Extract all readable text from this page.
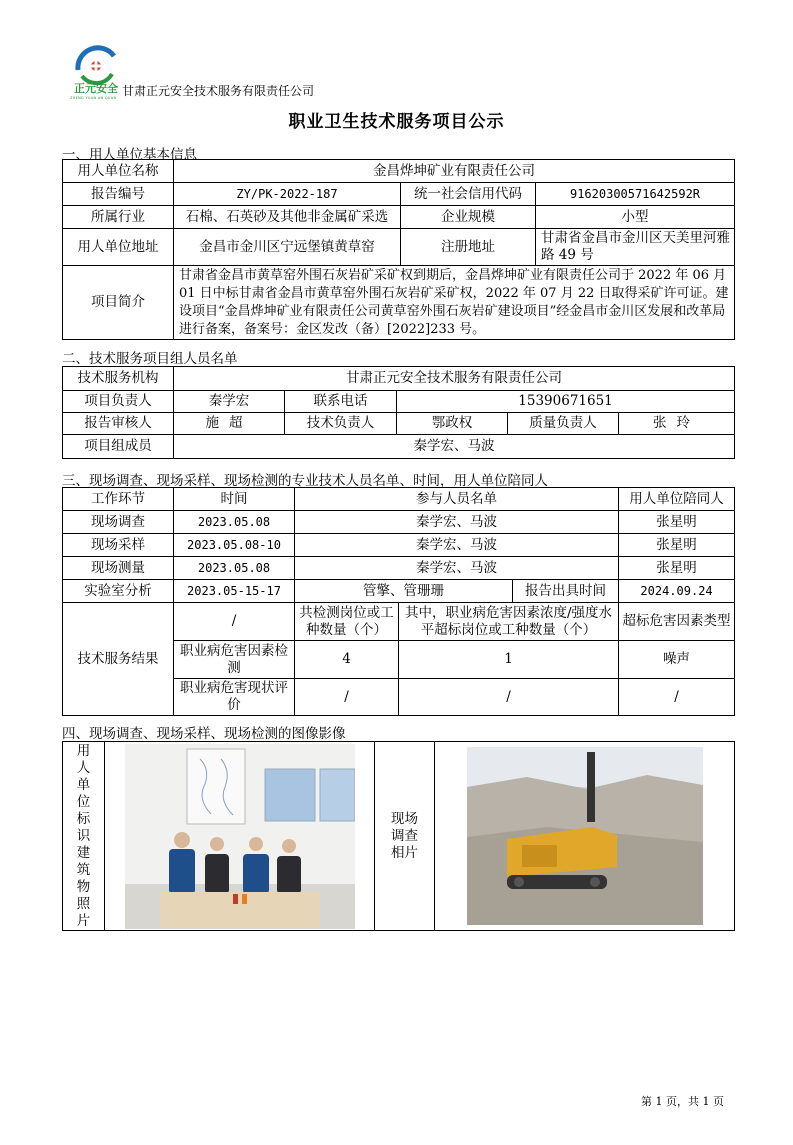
正元安全
ZHENG YUAN AN QUAN 甘肃正元安全技术服务有限责任公司
职业卫生技术服务项目公示
一、用人单位基本信息
用人单位名称	金昌烨坤矿业有限责任公司		
报告编号	ZY/PK-2022-187	统一社会信用代码	91620300571642592R
所属行业	石棉、石英砂及其他非金属矿采选	企业规模	小型
用人单位地址	金昌市金川区宁远堡镇黄草窑	注册地址	甘肃省金昌市金川区天美里河雅路 49 号
项目简介	甘肃省金昌市黄草窑外围石灰岩矿采矿权到期后，金昌烨坤矿业有限责任公司于 2022 年 06 月 01 日中标甘肃省金昌市黄草窑外围石灰岩矿采矿权，2022 年 07 月 22 日取得采矿许可证。建设项目“金昌烨坤矿业有限责任公司黄草窑外围石灰岩矿建设项目”经金昌市金川区发展和改革局进行备案，备案号：金区发改（备）[2022]233 号。		
二、技术服务项目组人员名单
技术服务机构	甘肃正元安全技术服务有限责任公司				
项目负责人	秦学宏	联系电话	15390671651		
报告审核人	施超	技术负责人	鄂政权	质量负责人	张玲
项目组成员	秦学宏、马波				
三、现场调查、现场采样、现场检测的专业技术人员名单、时间，用人单位陪同人
工作环节	时间	参与人员名单			用人单位陪同人
现场调查	2023.05.08	秦学宏、马波			张星明
现场采样	2023.05.08-10	秦学宏、马波			张星明
现场测量	2023.05.08	秦学宏、马波			张星明
实验室分析	2023.05-15-17	管擎、管珊珊		报告出具时间	2024.09.24
技术服务结果	/	共检测岗位或工种数量（个）	其中，职业病危害因素浓度/强度水平超标岗位或工种数量（个）		超标危害因素类型
	职业病危害因素检测	4	1		噪声
	职业病危害现状评价	/	/		/
四、现场调查、现场采样、现场检测的图像影像
用人单位标识建筑物照片

现场调查相片

第 1 页，共 1 页
